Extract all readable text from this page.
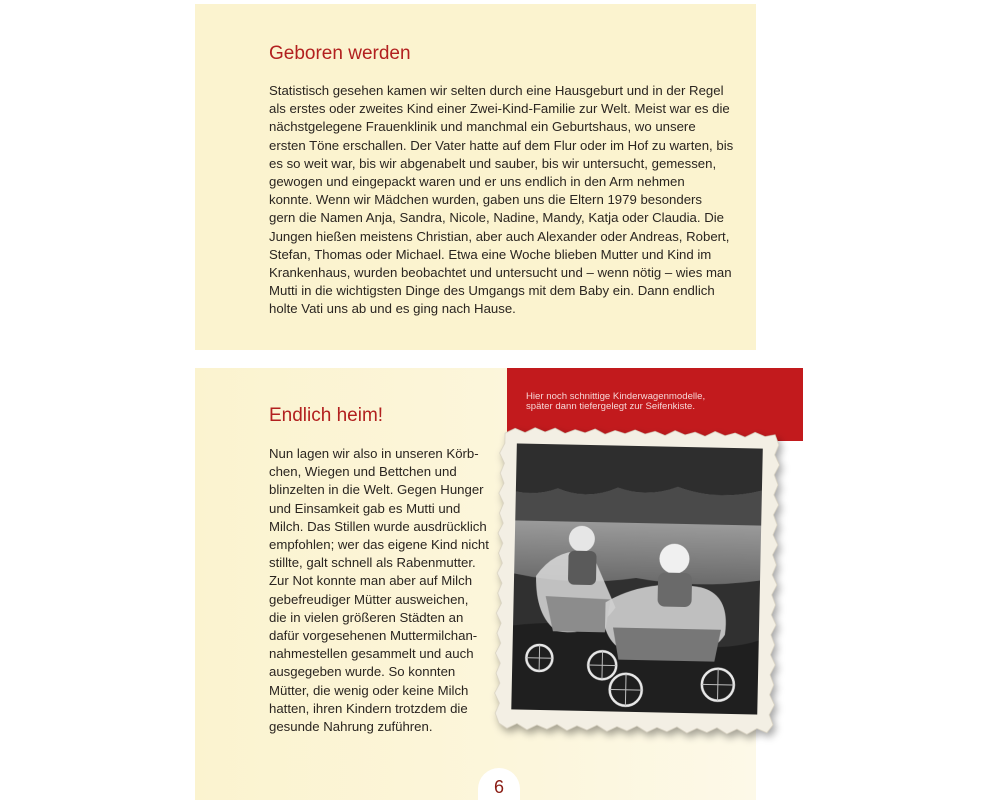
Geboren werden

Statistisch gesehen kamen wir selten durch eine Hausgeburt und in der Regel
als erstes oder zweites Kind einer Zwei-Kind-Familie zur Welt. Meist war es die
nächstgelegene Frauenklinik und manchmal ein Geburtshaus, wo unsere
ersten Töne erschallen. Der Vater hatte auf dem Flur oder im Hof zu warten, bis
es so weit war, bis wir abgenabelt und sauber, bis wir untersucht, gemessen,
gewogen und eingepackt waren und er uns endlich in den Arm nehmen
konnte. Wenn wir Mädchen wurden, gaben uns die Eltern 1979 besonders
gern die Namen Anja, Sandra, Nicole, Nadine, Mandy, Katja oder Claudia. Die
Jungen hießen meistens Christian, aber auch Alexander oder Andreas, Robert,
Stefan, Thomas oder Michael. Etwa eine Woche blieben Mutter und Kind im
Krankenhaus, wurden beobachtet und untersucht und – wenn nötig – wies man
Mutti in die wichtigsten Dinge des Umgangs mit dem Baby ein. Dann endlich
holte Vati uns ab und es ging nach Hause.

Endlich heim!

Nun lagen wir also in unseren Körb-
chen, Wiegen und Bettchen und
blinzelten in die Welt. Gegen Hunger
und Einsamkeit gab es Mutti und
Milch. Das Stillen wurde ausdrücklich
empfohlen; wer das eigene Kind nicht
stillte, galt schnell als Rabenmutter.
Zur Not konnte man aber auf Milch
gebefreudiger Mütter ausweichen,
die in vielen größeren Städten an
dafür vorgesehenen Muttermilchan-
nahmestellen gesammelt und auch
ausgegeben wurde. So konnten
Mütter, die wenig oder keine Milch
hatten, ihren Kindern trotzdem die
gesunde Nahrung zuführen.

Hier noch schnittige Kinderwagenmodelle,
später dann tiefergelegt zur Seifenkiste.
6
